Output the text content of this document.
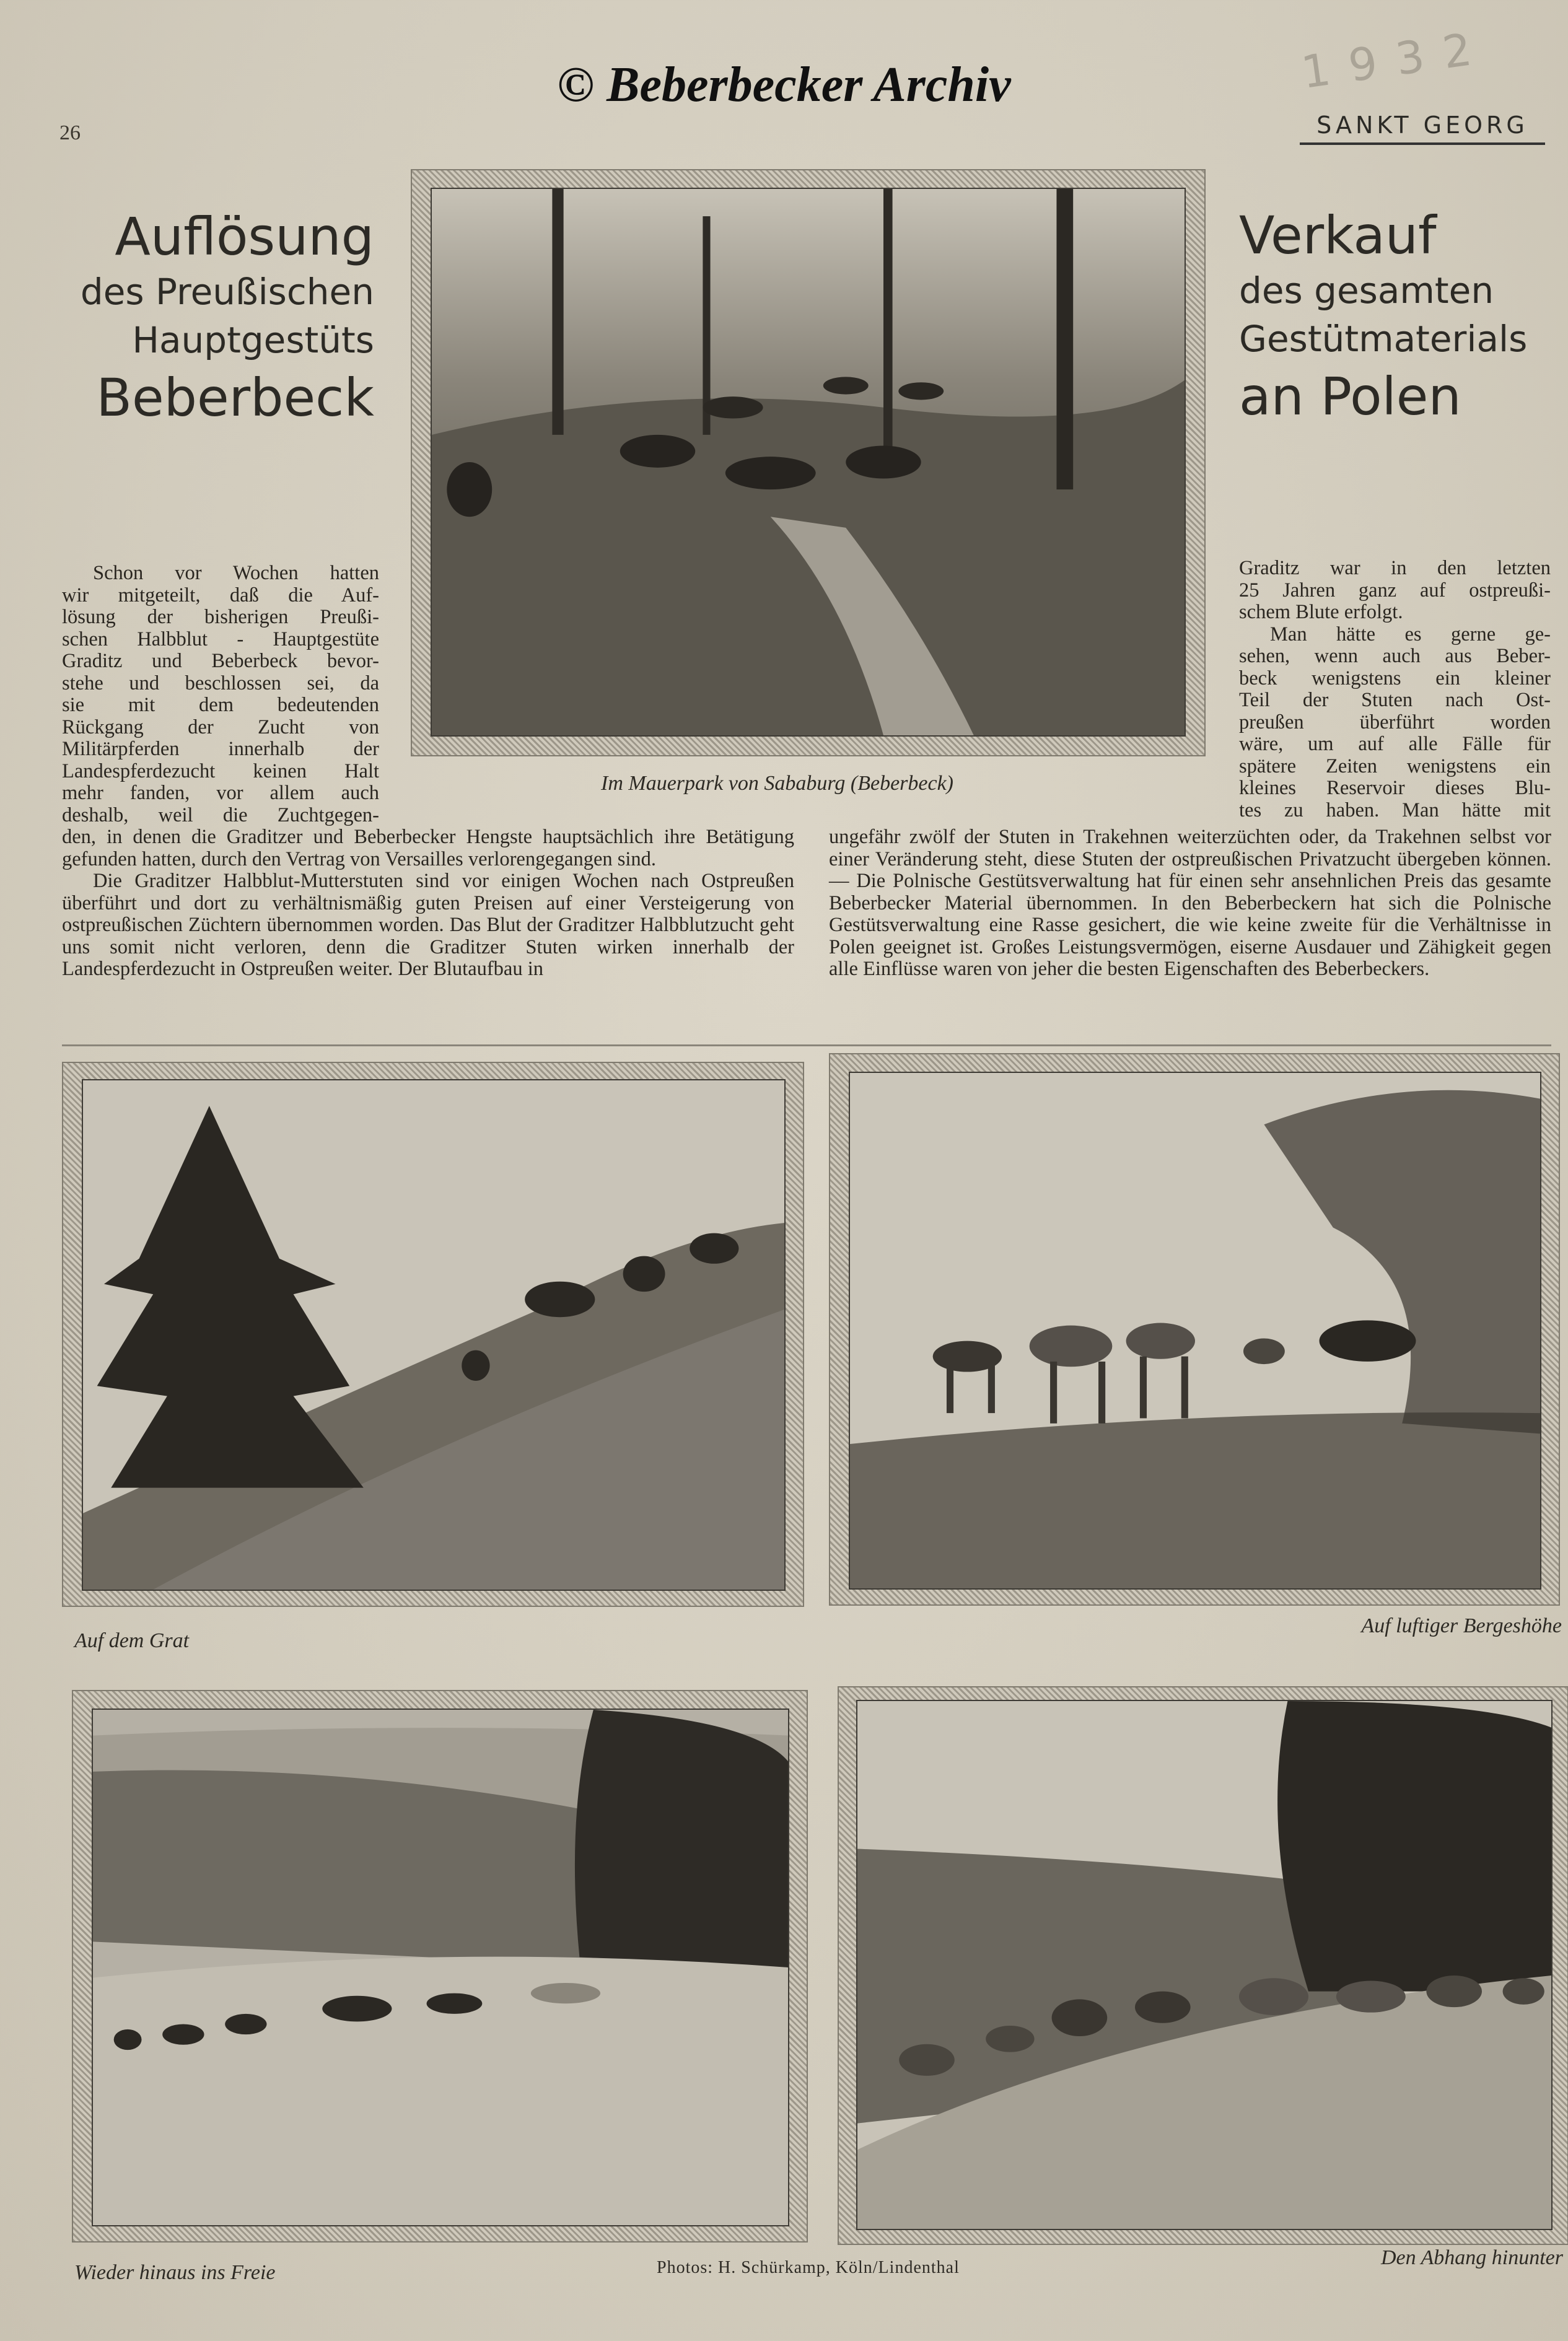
© Beberbecker Archiv
26
1 9 3 2
SANKT GEORG
Auflösung
des Preußischen
Hauptgestüts
Beberbeck
Verkauf
des gesamten
Gestütmaterials
an Polen
Im Mauerpark von Sababurg (Beberbeck)
Schon vor Wochen hatten
wir mitgeteilt, daß die Auf-
lösung der bisherigen Preußi-
schen Halbblut - Hauptgestüte
Graditz und Beberbeck bevor-
stehe und beschlossen sei, da
sie mit dem bedeutenden
Rückgang der Zucht von
Militärpferden innerhalb der
Landespferdezucht keinen Halt
mehr fanden, vor allem auch
deshalb, weil die Zuchtgegen-
den, in denen die Graditzer und Beberbecker Hengste hauptsächlich ihre Betätigung gefunden hatten, durch den Vertrag von Versailles verlorengegangen sind.

Die Graditzer Halbblut-Mutterstuten sind vor einigen Wochen nach Ostpreußen überführt und dort zu verhältnismäßig guten Preisen auf einer Versteigerung von ostpreußischen Züchtern übernommen worden. Das Blut der Graditzer Halbblutzucht geht uns somit nicht verloren, denn die Graditzer Stuten wirken innerhalb der Landespferdezucht in Ostpreußen weiter. Der Blutaufbau in

Graditz war in den letzten
25 Jahren ganz auf ostpreußi-
schem Blute erfolgt.
Man hätte es gerne ge-
sehen, wenn auch aus Beber-
beck wenigstens ein kleiner
Teil der Stuten nach Ost-
preußen überführt worden
wäre, um auf alle Fälle für
spätere Zeiten wenigstens ein
kleines Reservoir dieses Blu-
tes zu haben. Man hätte mit
ungefähr zwölf der Stuten in Trakehnen weiterzüchten oder, da Trakehnen selbst vor einer Veränderung steht, diese Stuten der ostpreußischen Privatzucht übergeben können. — Die Polnische Gestütsverwaltung hat für einen sehr ansehnlichen Preis das gesamte Beberbecker Material übernommen. In den Beberbeckern hat sich die Polnische Gestütsverwaltung eine Rasse gesichert, die wie keine zweite für die Verhältnisse in Polen geeignet ist. Großes Leistungsvermögen, eiserne Ausdauer und Zähigkeit gegen alle Einflüsse waren von jeher die besten Eigenschaften des Beberbeckers.
Auf dem Grat
Auf luftiger Bergeshöhe
Wieder hinaus ins Freie
Den Abhang hinunter
Photos: H. Schürkamp, Köln/Lindenthal
